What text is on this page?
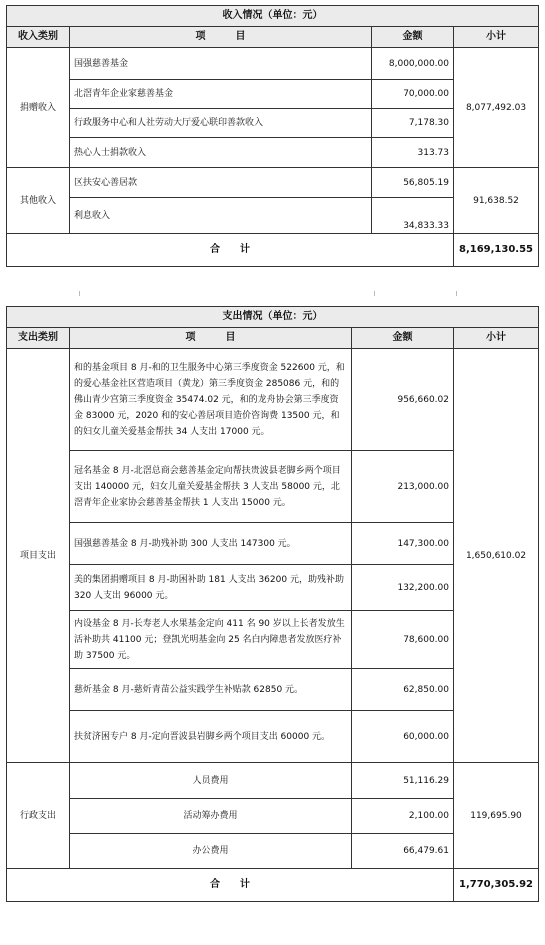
收入情况（单位：元）			
收入类别	项　　　目	金额	小计
捐赠收入	国强慈善基金	8,000,000.00	8,077,492.03
	北滘青年企业家慈善基金	70,000.00	
	行政服务中心和人社劳动大厅爱心联印善款收入	7,178.30	
	热心人士捐款收入	313.73	
其他收入	区扶安心善居款	56,805.19	91,638.52
	利息收入	34,833.33	
合　　计			8,169,130.55
支出情况（单位：元）			
支出类别	项　　　目	金额	小计
项目支出	和的基金项目 8 月-和的卫生服务中心第三季度资金 522600 元，和的爱心基金社区营造项目（黄龙）第三季度资金 285086 元，和的佛山青少宫第三季度资金 35474.02 元，和的龙舟协会第三季度资金 83000 元，2020 和的安心善居项目造价咨询费 13500 元，和的妇女儿童关爱基金帮扶 34 人支出 17000 元。	956,660.02	1,650,610.02
	冠名基金 8 月-北滘总商会慈善基金定向帮扶贵波县老脚乡两个项目支出 140000 元，妇女儿童关爱基金帮扶 3 人支出 58000 元，北滘青年企业家协会慈善基金帮扶 1 人支出 15000 元。	213,000.00	
	国强慈善基金 8 月-助残补助 300 人支出 147300 元。	147,300.00	
	美的集团捐赠项目 8 月-助困补助 181 人支出 36200 元，助残补助 320 人支出 96000 元。	132,200.00	
	内设基金 8 月-长寿老人水果基金定向 411 名 90 岁以上长者发放生活补助共 41100 元；登凯光明基金向 25 名白内障患者发放医疗补助 37500 元。	78,600.00	
	慈炘基金 8 月-慈炘青苗公益实践学生补贴款 62850 元。	62,850.00	
	扶贫济困专户 8 月-定向晋波县岩脚乡两个项目支出 60000 元。	60,000.00	
行政支出	人员费用	51,116.29	119,695.90
	活动筹办费用	2,100.00	
	办公费用	66,479.61	
合　　计			1,770,305.92
